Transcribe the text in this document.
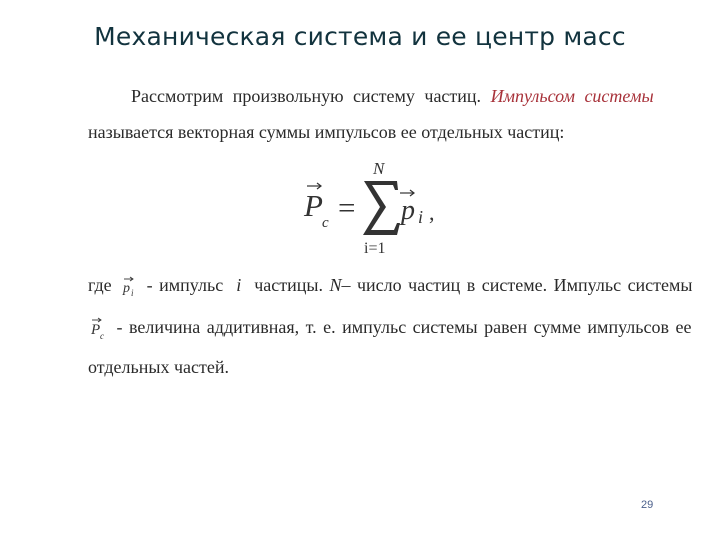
Механическая система и ее центр масс
Рассмотрим произвольную систему частиц. Импульсом системы
называется векторная суммы импульсов ее отдельных частиц:
P c =
N
i=1
p i ,
где p i - импульс i частицы. N– число частиц в системе. Импульс системы
P c - величина аддитивная, т. е. импульс системы равен сумме импульсов ее
отдельных частей.
29
